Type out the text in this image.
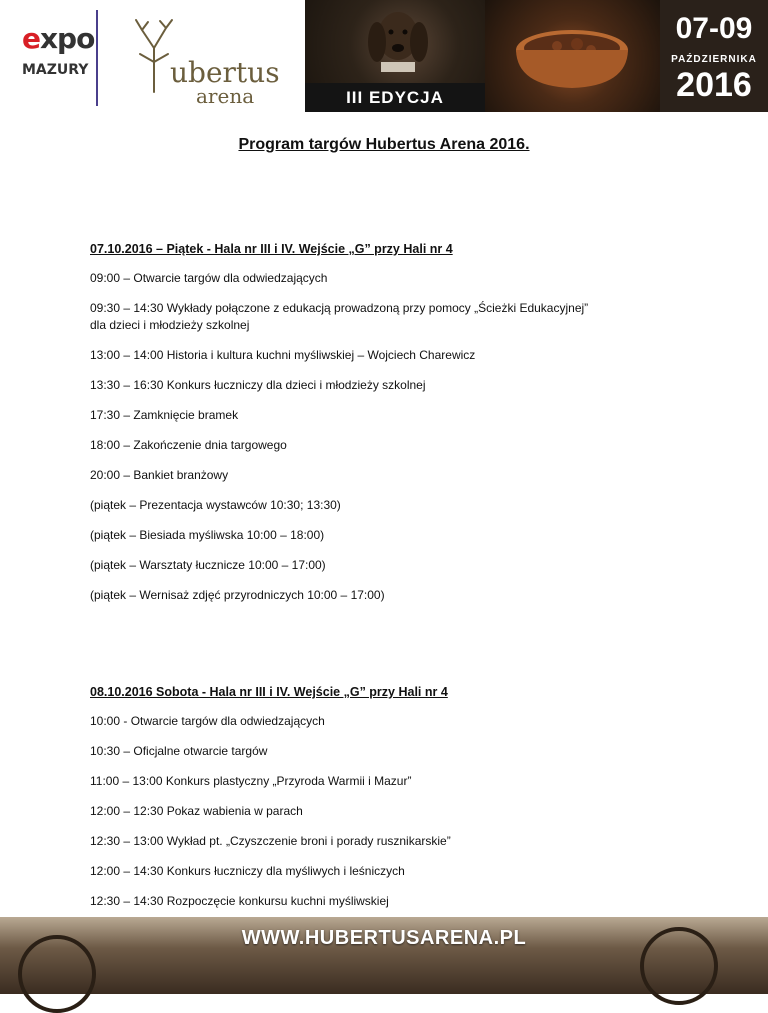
expo
MAZURY	ubertus
arena	III EDYCJA
07-09
PAŹDZIERNIKA
2016
Program targów Hubertus Arena 2016.
07.10.2016 – Piątek - Hala nr III i IV. Wejście „G” przy Hali nr 4
09:00 – Otwarcie targów dla odwiedzających
09:30 – 14:30 Wykłady połączone z edukacją prowadzoną przy pomocy „Ścieżki Edukacyjnej”
dla dzieci i młodzieży szkolnej
13:00 – 14:00 Historia i kultura kuchni myśliwskiej – Wojciech Charewicz
13:30 – 16:30 Konkurs łuczniczy dla dzieci i młodzieży szkolnej
17:30 – Zamknięcie bramek
18:00 – Zakończenie dnia targowego
20:00 – Bankiet branżowy
(piątek – Prezentacja wystawców 10:30; 13:30)
(piątek – Biesiada myśliwska 10:00 – 18:00)
(piątek – Warsztaty łucznicze 10:00 – 17:00)
(piątek – Wernisaż zdjęć przyrodniczych 10:00 – 17:00)
08.10.2016 Sobota - Hala nr III i IV. Wejście „G” przy Hali nr 4
10:00 - Otwarcie targów dla odwiedzających
10:30 – Oficjalne otwarcie targów
11:00 – 13:00 Konkurs plastyczny „Przyroda Warmii i Mazur”
12:00 – 12:30 Pokaz wabienia w parach
12:30 – 13:00 Wykład pt. „Czyszczenie broni i porady rusznikarskie”
12:00 – 14:30 Konkurs łuczniczy dla myśliwych i leśniczych
12:30 – 14:30 Rozpoczęcie konkursu kuchni myśliwskiej
WWW.HUBERTUSARENA.PL
